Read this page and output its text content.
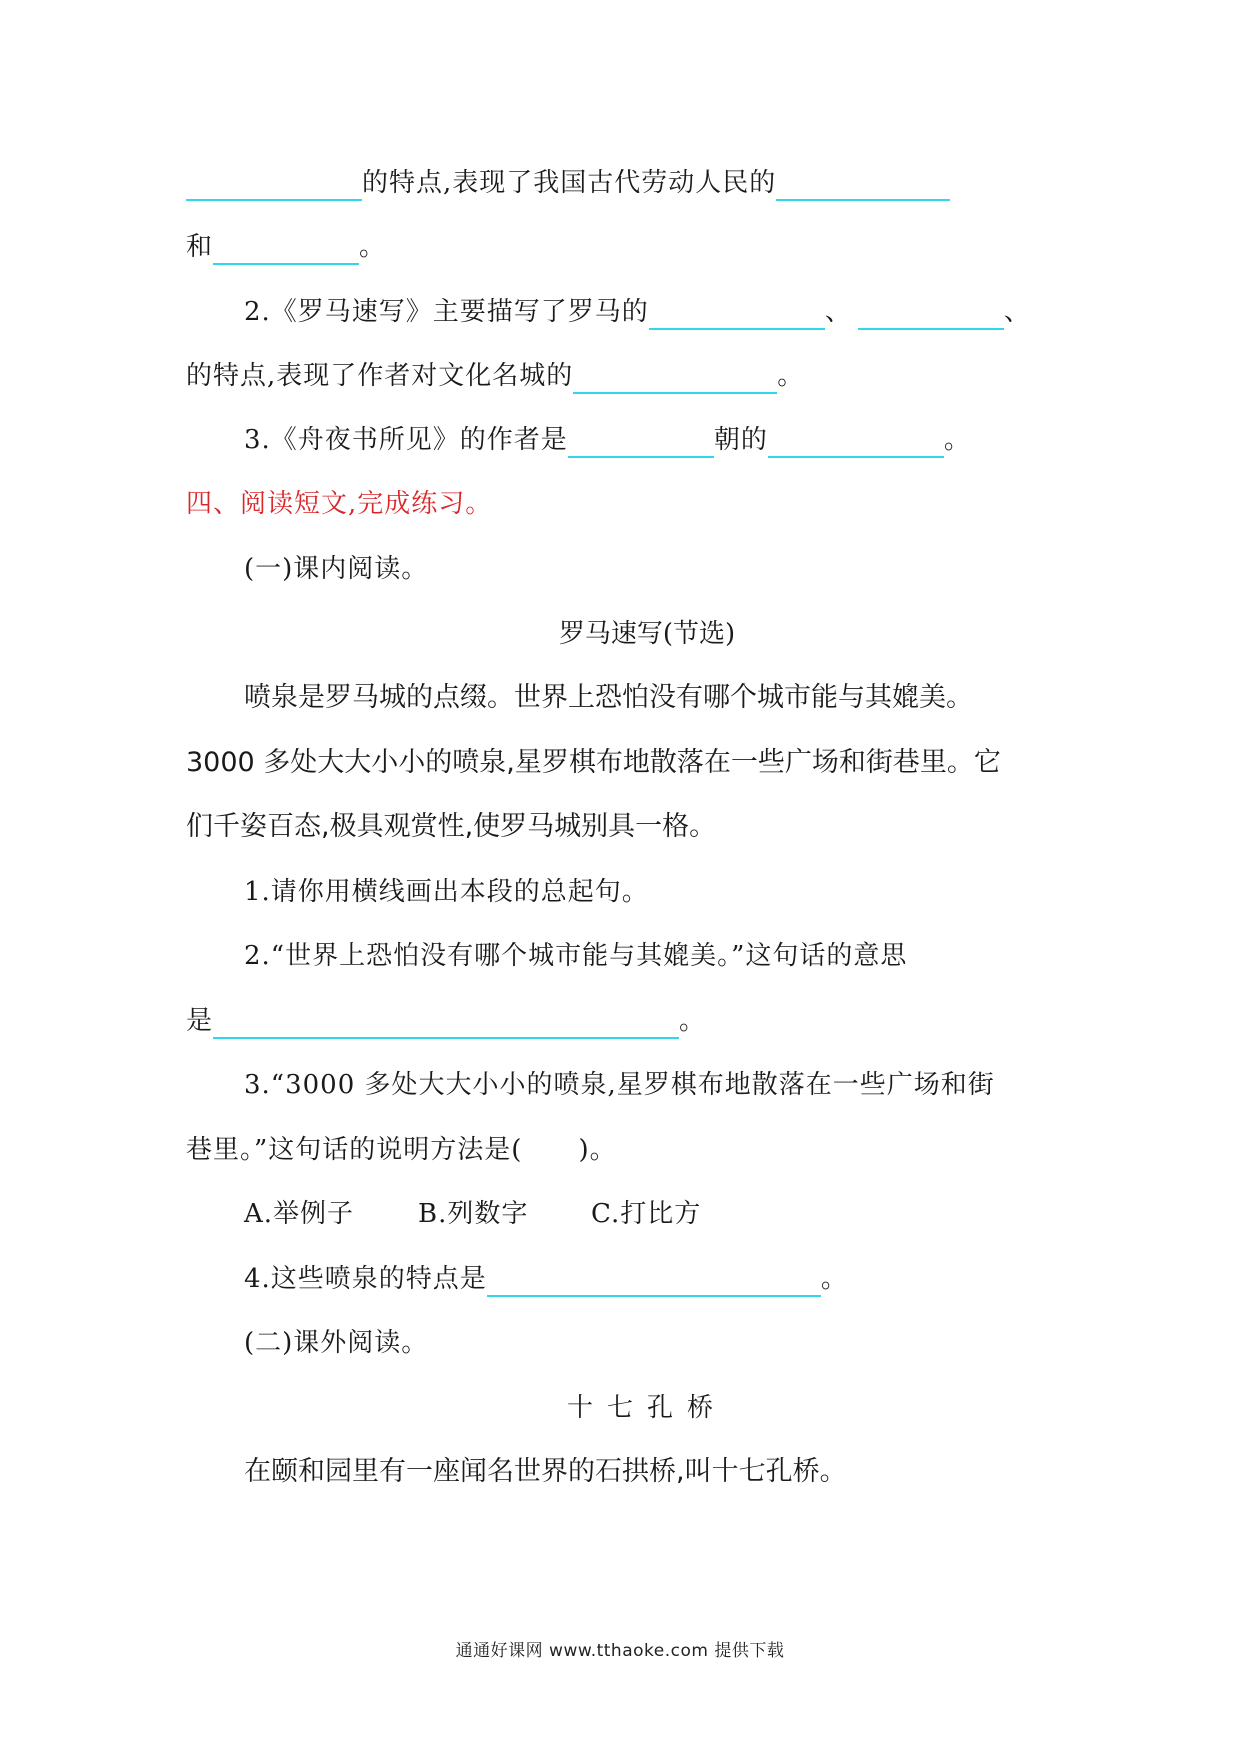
的特点,表现了我国古代劳动人民的
和	。
2.《罗马速写》主要描写了罗马的	、	、
的特点,表现了作者对文化名城的	。
3.《舟夜书所见》的作者是	朝的	。
四、阅读短文,完成练习。
(一)课内阅读。
罗马速写(节选)
喷泉是罗马城的点缀。世界上恐怕没有哪个城市能与其媲美。
3000 多处大大小小的喷泉,星罗棋布地散落在一些广场和街巷里。它
们千姿百态,极具观赏性,使罗马城别具一格。
1.请你用横线画出本段的总起句。
2.“世界上恐怕没有哪个城市能与其媲美。”这句话的意思
是	。
3.“3000 多处大大小小的喷泉,星罗棋布地散落在一些广场和街
巷里。”这句话的说明方法是( )。
A.举例子 B.列数字 C.打比方
4.这些喷泉的特点是	。
(二)课外阅读。
十七孔桥
在颐和园里有一座闻名世界的石拱桥,叫十七孔桥。
通通好课网 www.tthaoke.com 提供下载
